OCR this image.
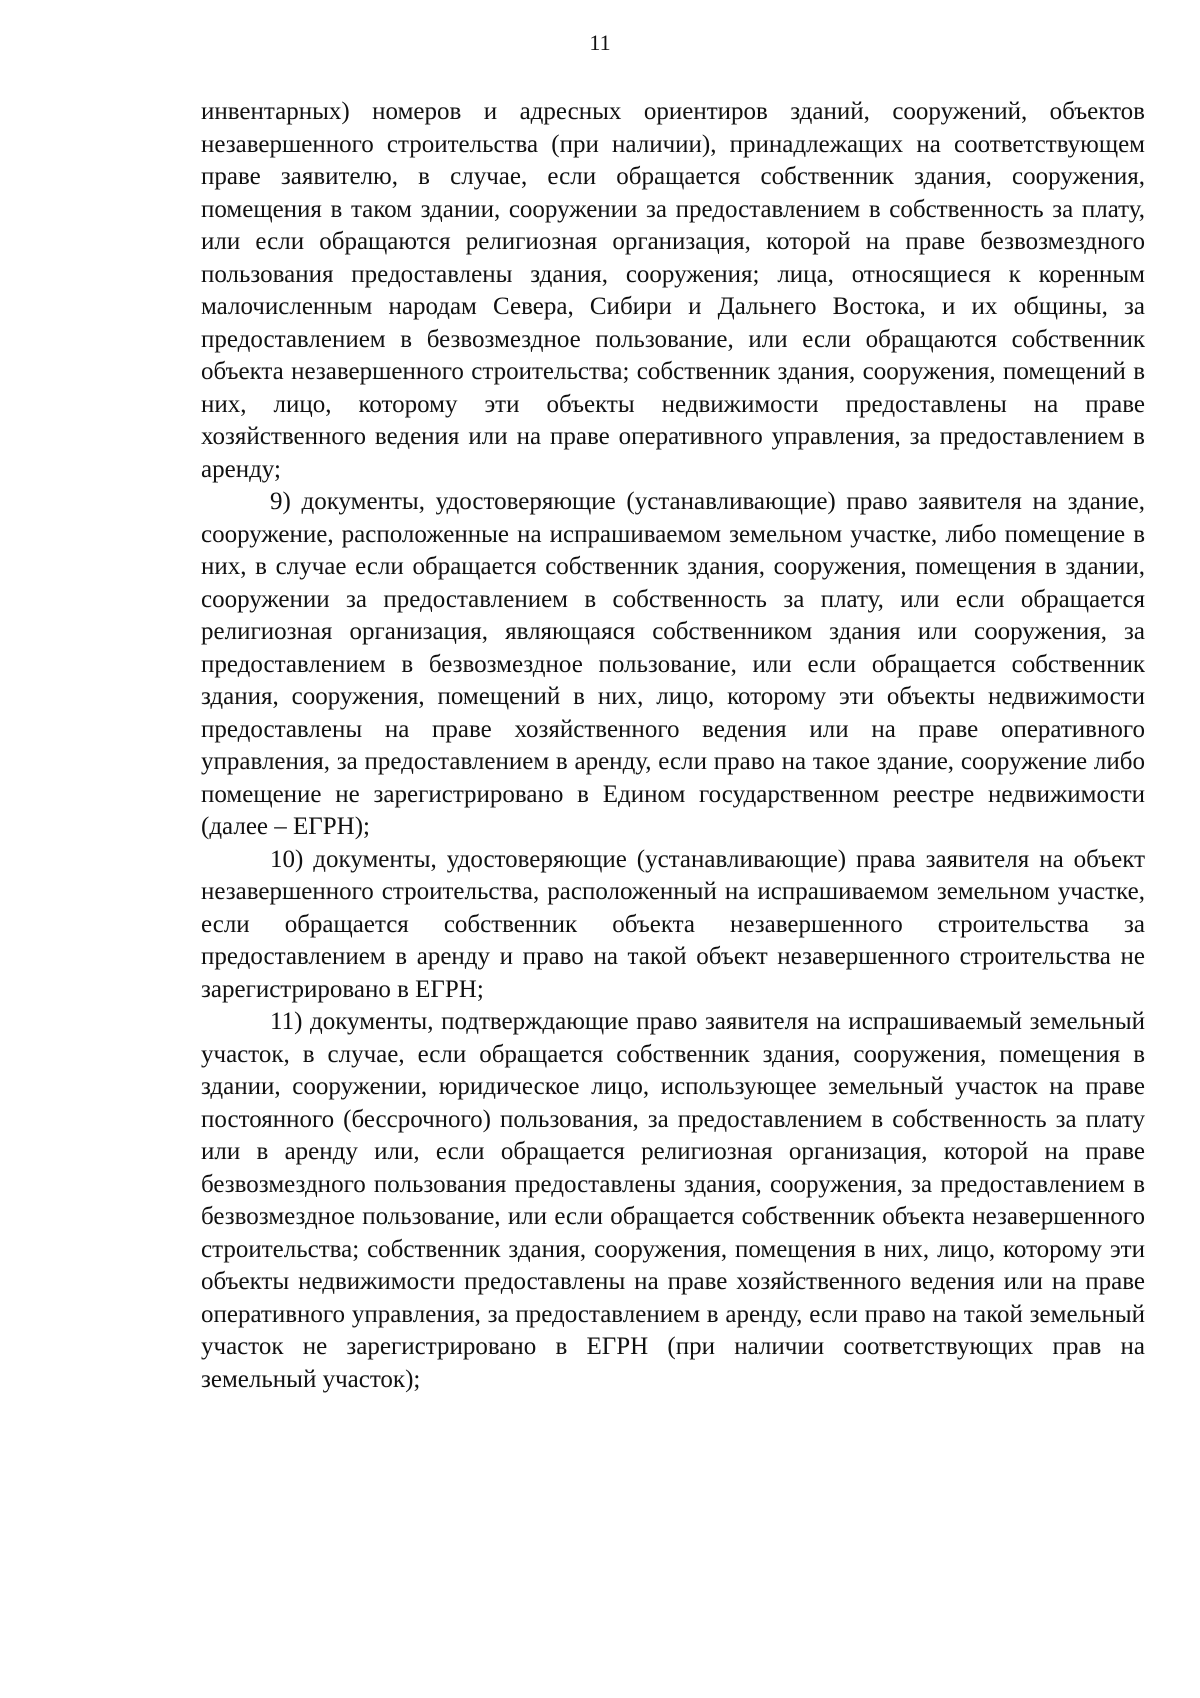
11

инвентарных) номеров и адресных ориентиров зданий, сооружений, объектов незавершенного строительства (при наличии), принадлежащих на соответствующем праве заявителю, в случае, если обращается собственник здания, сооружения, помещения в таком здании, сооружении за предоставлением в собственность за плату, или если обращаются религиозная организация, которой на праве безвозмездного пользования предоставлены здания, сооружения; лица, относящиеся к коренным малочисленным народам Севера, Сибири и Дальнего Востока, и их общины, за предоставлением в безвозмездное пользование, или если обращаются собственник объекта незавершенного строительства; собственник здания, сооружения, помещений в них, лицо, которому эти объекты недвижимости предоставлены на праве хозяйственного ведения или на праве оперативного управления, за предоставлением в аренду;

9) документы, удостоверяющие (устанавливающие) право заявителя на здание, сооружение, расположенные на испрашиваемом земельном участке, либо помещение в них, в случае если обращается собственник здания, сооружения, помещения в здании, сооружении за предоставлением в собственность за плату, или если обращается религиозная организация, являющаяся собственником здания или сооружения, за предоставлением в безвозмездное пользование, или если обращается собственник здания, сооружения, помещений в них, лицо, которому эти объекты недвижимости предоставлены на праве хозяйственного ведения или на праве оперативного управления, за предоставлением в аренду, если право на такое здание, сооружение либо помещение не зарегистрировано в Едином государственном реестре недвижимости (далее – ЕГРН);

10) документы, удостоверяющие (устанавливающие) права заявителя на объект незавершенного строительства, расположенный на испрашиваемом земельном участке, если обращается собственник объекта незавершенного строительства за предоставлением в аренду и право на такой объект незавершенного строительства не зарегистрировано в ЕГРН;

11) документы, подтверждающие право заявителя на испрашиваемый земельный участок, в случае, если обращается собственник здания, сооружения, помещения в здании, сооружении, юридическое лицо, использующее земельный участок на праве постоянного (бессрочного) пользования, за предоставлением в собственность за плату или в аренду или, если обращается религиозная организация, которой на праве безвозмездного пользования предоставлены здания, сооружения, за предоставлением в безвозмездное пользование, или если обращается собственник объекта незавершенного строительства; собственник здания, сооружения, помещения в них, лицо, которому эти объекты недвижимости предоставлены на праве хозяйственного ведения или на праве оперативного управления, за предоставлением в аренду, если право на такой земельный участок не зарегистрировано в ЕГРН (при наличии соответствующих прав на земельный участок);
